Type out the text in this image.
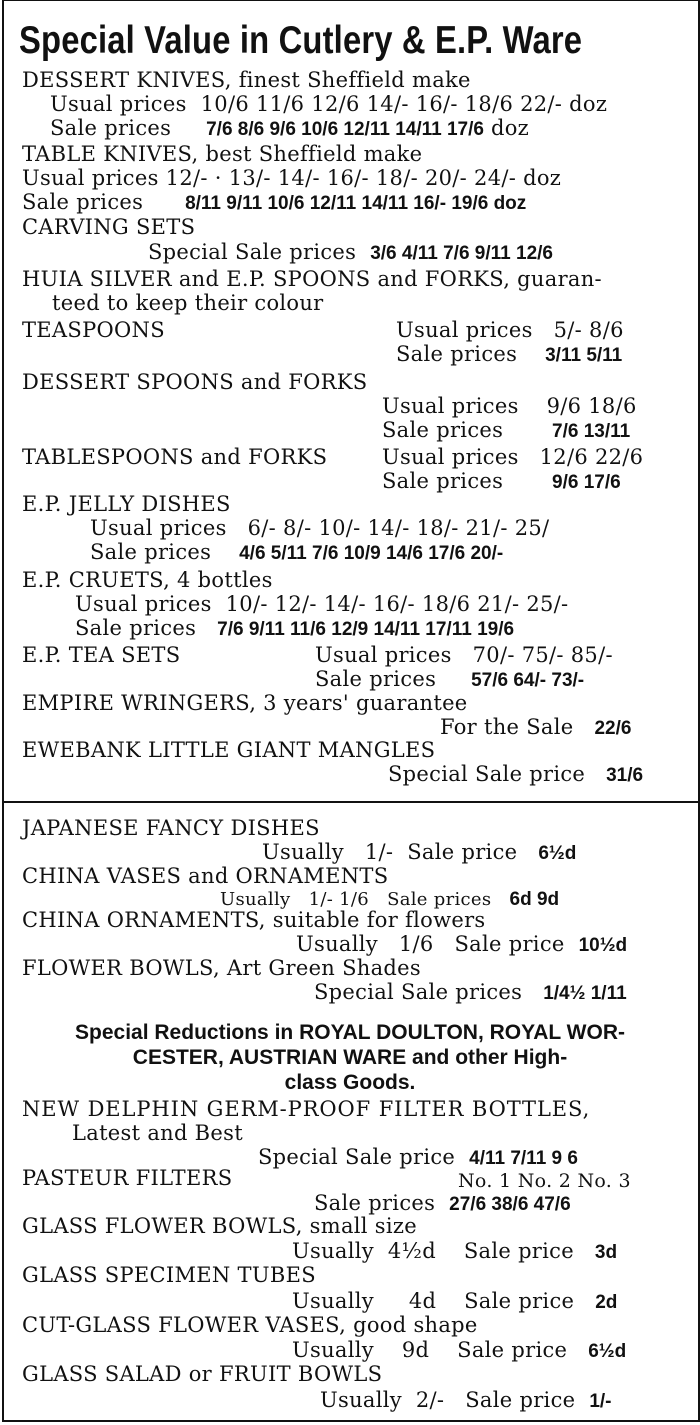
Special Value in Cutlery & E.P. Ware
DESSERT KNIVES, finest Sheffield make
Usual prices 10/6 11/6 12/6 14/- 16/- 18/6 22/- doz
Sale prices 7/6 8/6 9/6 10/6 12/11 14/11 17/6 doz
TABLE KNIVES, best Sheffield make
Usual prices 12/- · 13/- 14/- 16/- 18/- 20/- 24/- doz
Sale prices 8/11 9/11 10/6 12/11 14/11 16/- 19/6 doz
CARVING SETS
Special Sale prices 3/6 4/11 7/6 9/11 12/6
HUIA SILVER and E.P. SPOONS and FORKS, guaran-
teed to keep their colour
TEASPOONS	Usual prices 5/- 8/6
Sale prices 3/11 5/11
DESSERT SPOONS and FORKS
Usual prices 9/6 18/6
Sale prices	7/6 13/11
TABLESPOONS and FORKS	Usual prices 12/6 22/6
Sale prices	9/6 17/6
E.P. JELLY DISHES
Usual prices 6/- 8/- 10/- 14/- 18/- 21/- 25/
Sale prices 4/6 5/11 7/6 10/9 14/6 17/6 20/-
E.P. CRUETS, 4 bottles
Usual prices 10/- 12/- 14/- 16/- 18/6 21/- 25/-
Sale prices 7/6 9/11 11/6 12/9 14/11 17/11 19/6
E.P. TEA SETS	Usual prices 70/- 75/- 85/-
Sale prices 57/6 64/- 73/-
EMPIRE WRINGERS, 3 years' guarantee
For the Sale 22/6
EWEBANK LITTLE GIANT MANGLES
Special Sale price 31/6
JAPANESE FANCY DISHES
Usually 1/- Sale price 6½d
CHINA VASES and ORNAMENTS
Usually 1/- 1/6 Sale prices 6d 9d
CHINA ORNAMENTS, suitable for flowers
Usually 1/6 Sale price 10½d
FLOWER BOWLS, Art Green Shades
Special Sale prices 1/4½ 1/11
Special Reductions in ROYAL DOULTON, ROYAL WOR-
CESTER, AUSTRIAN WARE and other High-
class Goods.
NEW DELPHIN GERM-PROOF FILTER BOTTLES,
Latest and Best
Special Sale price 4/11 7/11 9 6
PASTEUR FILTERS	No. 1 No. 2 No. 3
Sale prices 27/6 38/6 47/6
GLASS FLOWER BOWLS, small size
Usually 4½d Sale price 3d
GLASS SPECIMEN TUBES
Usually 4d Sale price 2d
CUT-GLASS FLOWER VASES, good shape
Usually 9d Sale price 6½d
GLASS SALAD or FRUIT BOWLS
Usually 2/- Sale price 1/-
